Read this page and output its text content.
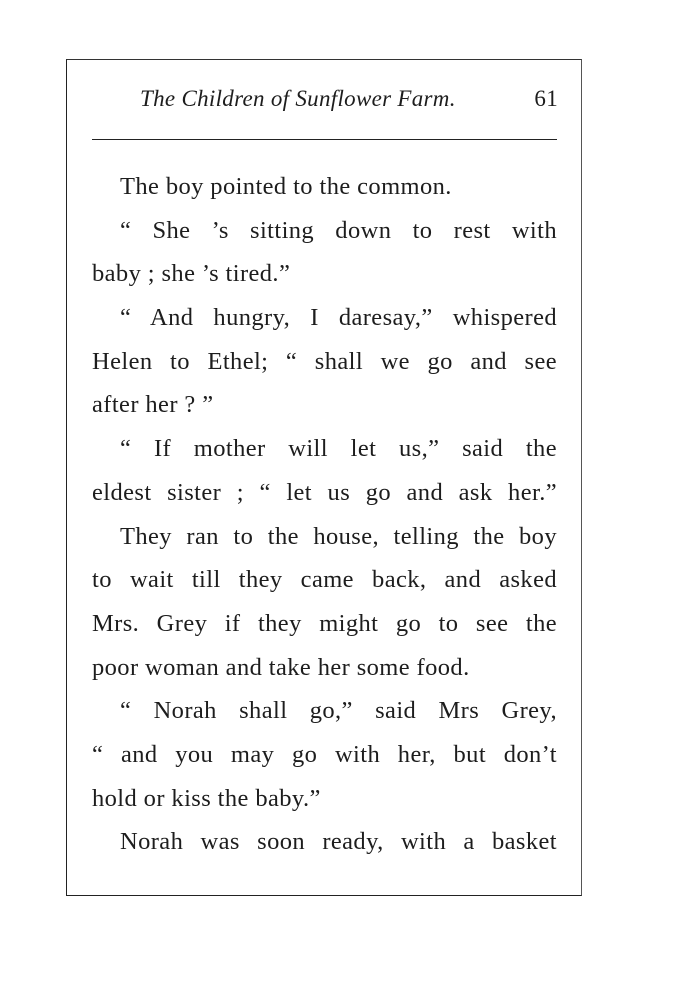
The Children of Sunflower Farm.	61
The boy pointed to the common.
“ She ’s sitting down to rest with
baby ; she ’s tired.”
“ And hungry, I daresay,” whispered
Helen to Ethel; “ shall we go and see
after her ? ”
“ If mother will let us,” said the
eldest sister ; “ let us go and ask her.”
They ran to the house, telling the boy
to wait till they came back, and asked
Mrs. Grey if they might go to see the
poor woman and take her some food.
“ Norah shall go,” said Mrs Grey,
“ and you may go with her, but don’t
hold or kiss the baby.”
Norah was soon ready, with a basket
